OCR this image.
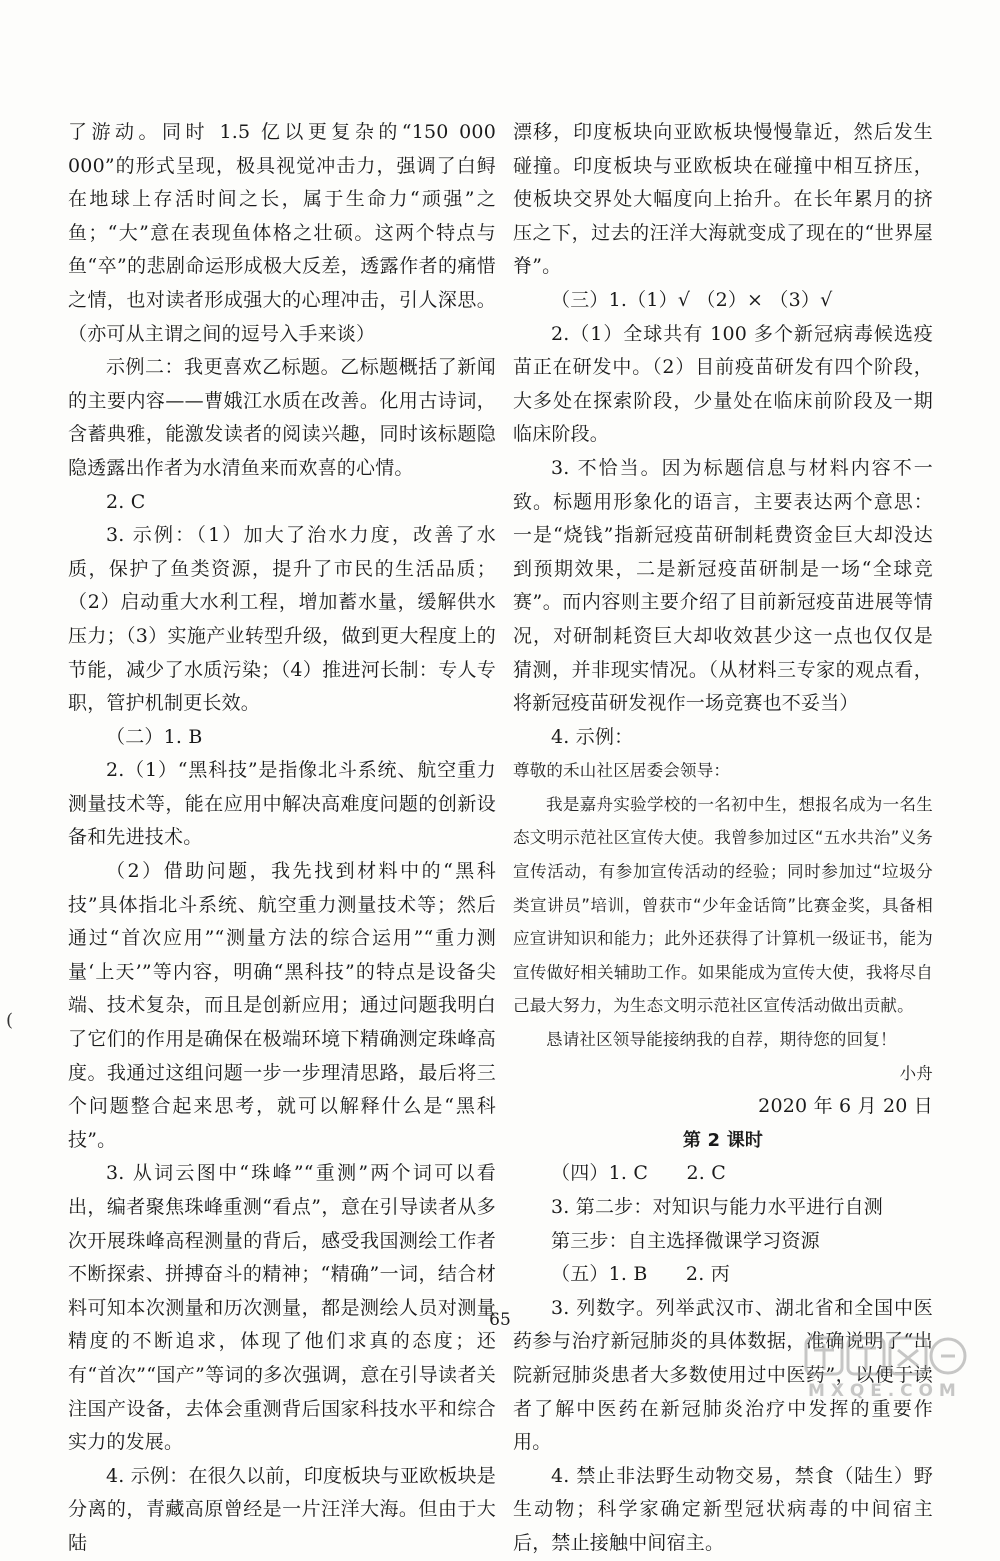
了游动。同时 1.5 亿以更复杂的“150 000 000”的形式呈现，极具视觉冲击力，强调了白鲟在地球上存活时间之长，属于生命力“顽强”之鱼；“大”意在表现鱼体格之壮硕。这两个特点与鱼“卒”的悲剧命运形成极大反差，透露作者的痛惜之情，也对读者形成强大的心理冲击，引人深思。（亦可从主谓之间的逗号入手来谈）

示例二：我更喜欢乙标题。乙标题概括了新闻的主要内容——曹娥江水质在改善。化用古诗词，含蓄典雅，能激发读者的阅读兴趣，同时该标题隐隐透露出作者为水清鱼来而欢喜的心情。

2. C

3. 示例：（1）加大了治水力度，改善了水质，保护了鱼类资源，提升了市民的生活品质；（2）启动重大水利工程，增加蓄水量，缓解供水压力；（3）实施产业转型升级，做到更大程度上的节能，减少了水质污染；（4）推进河长制：专人专职，管护机制更长效。

（二）1. B

2.（1）“黑科技”是指像北斗系统、航空重力测量技术等，能在应用中解决高难度问题的创新设备和先进技术。

（2）借助问题，我先找到材料中的“黑科技”具体指北斗系统、航空重力测量技术等；然后通过“首次应用”“测量方法的综合运用”“重力测量‘上天’”等内容，明确“黑科技”的特点是设备尖端、技术复杂，而且是创新应用；通过问题我明白了它们的作用是确保在极端环境下精确测定珠峰高度。我通过这组问题一步一步理清思路，最后将三个问题整合起来思考，就可以解释什么是“黑科技”。

3. 从词云图中“珠峰”“重测”两个词可以看出，编者聚焦珠峰重测“看点”，意在引导读者从多次开展珠峰高程测量的背后，感受我国测绘工作者不断探索、拼搏奋斗的精神；“精确”一词，结合材料可知本次测量和历次测量，都是测绘人员对测量精度的不断追求，体现了他们求真的态度；还有“首次”“国产”等词的多次强调，意在引导读者关注国产设备，去体会重测背后国家科技水平和综合实力的发展。

4. 示例：在很久以前，印度板块与亚欧板块是分离的，青藏高原曾经是一片汪洋大海。但由于大陆

漂移，印度板块向亚欧板块慢慢靠近，然后发生碰撞。印度板块与亚欧板块在碰撞中相互挤压，使板块交界处大幅度向上抬升。在长年累月的挤压之下，过去的汪洋大海就变成了现在的“世界屋脊”。

（三）1.（1）√ （2）× （3）√

2.（1）全球共有 100 多个新冠病毒候选疫苗正在研发中。（2）目前疫苗研发有四个阶段，大多处在探索阶段，少量处在临床前阶段及一期临床阶段。

3. 不恰当。因为标题信息与材料内容不一致。标题用形象化的语言，主要表达两个意思：一是“烧钱”指新冠疫苗研制耗费资金巨大却没达到预期效果，二是新冠疫苗研制是一场“全球竞赛”。而内容则主要介绍了目前新冠疫苗进展等情况，对研制耗资巨大却收效甚少这一点也仅仅是猜测，并非现实情况。（从材料三专家的观点看，将新冠疫苗研发视作一场竞赛也不妥当）

4. 示例：

尊敬的禾山社区居委会领导：

我是嘉舟实验学校的一名初中生，想报名成为一名生态文明示范社区宣传大使。我曾参加过区“五水共治”义务宣传活动，有参加宣传活动的经验；同时参加过“垃圾分类宣讲员”培训，曾获市“少年金话筒”比赛金奖，具备相应宣讲知识和能力；此外还获得了计算机一级证书，能为宣传做好相关辅助工作。如果能成为宣传大使，我将尽自己最大努力，为生态文明示范社区宣传活动做出贡献。

恳请社区领导能接纳我的自荐，期待您的回复！

小舟

2020 年 6 月 20 日

第 2 课时

（四）1. C　　2. C

3. 第二步：对知识与能力水平进行自测

第三步：自主选择微课学习资源

（五）1. B　　2. 丙

3. 列数字。列举武汉市、湖北省和全国中医药参与治疗新冠肺炎的具体数据，准确说明了“出院新冠肺炎患者大多数使用过中医药”，以便于读者了解中医药在新冠肺炎治疗中发挥的重要作用。

4. 禁止非法野生动物交易，禁食（陆生）野生动物；科学家确定新型冠状病毒的中间宿主后，禁止接触中间宿主。

(
65
M X Q E . C O M
